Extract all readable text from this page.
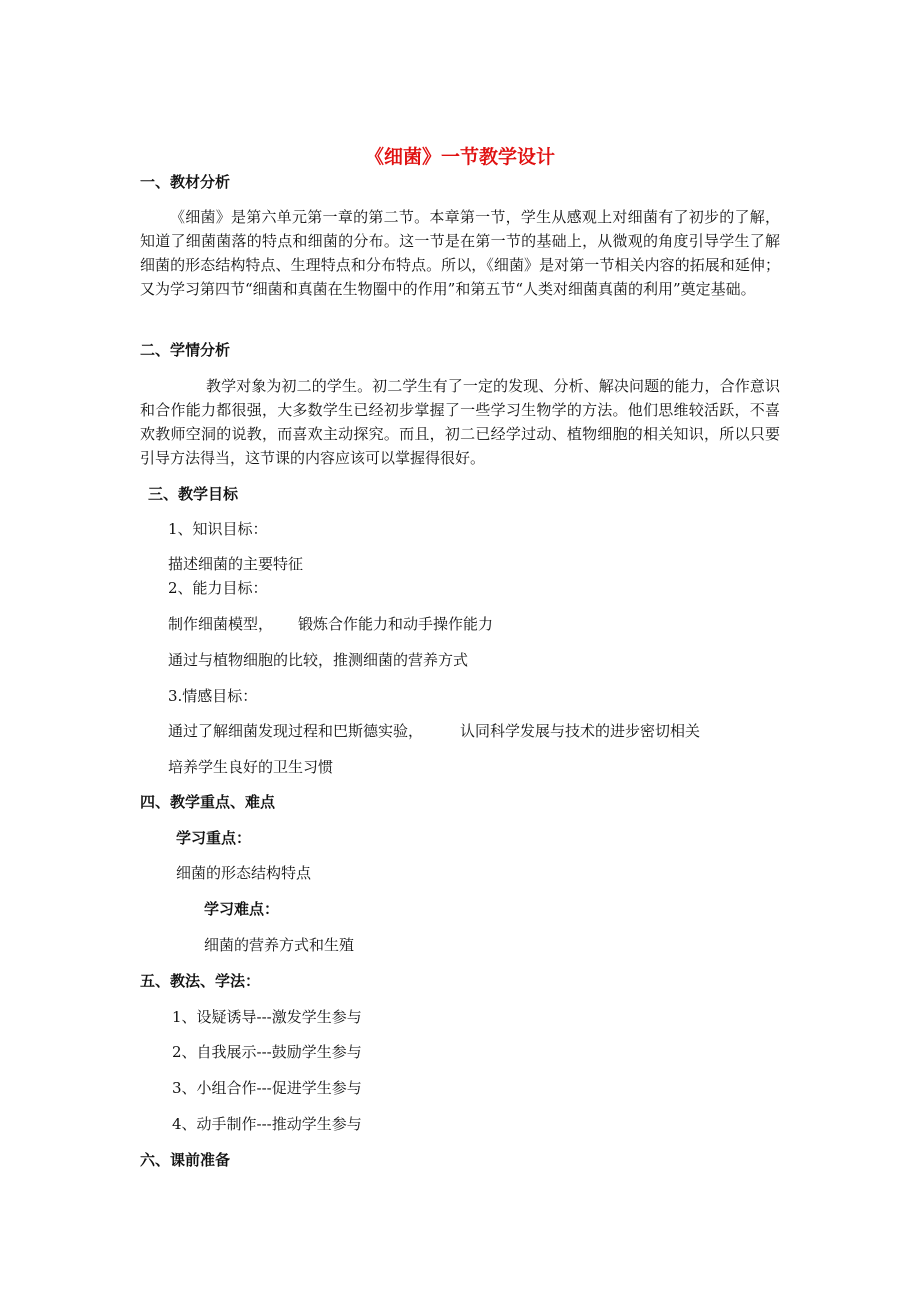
《细菌》一节教学设计
一、教材分析
《细菌》是第六单元第一章的第二节。本章第一节，学生从感观上对细菌有了初步的了解，知道了细菌菌落的特点和细菌的分布。这一节是在第一节的基础上，从微观的角度引导学生了解细菌的形态结构特点、生理特点和分布特点。所以，《细菌》是对第一节相关内容的拓展和延伸；又为学习第四节“细菌和真菌在生物圈中的作用”和第五节“人类对细菌真菌的利用”奠定基础。
二、学情分析
教学对象为初二的学生。初二学生有了一定的发现、分析、解决问题的能力，合作意识和合作能力都很强，大多数学生已经初步掌握了一些学习生物学的方法。他们思维较活跃，不喜欢教师空洞的说教，而喜欢主动探究。而且，初二已经学过动、植物细胞的相关知识，所以只要引导方法得当，这节课的内容应该可以掌握得很好。
三、教学目标
1、知识目标：
描述细菌的主要特征
2、能力目标：
制作细菌模型， 锻炼合作能力和动手操作能力
通过与植物细胞的比较，推测细菌的营养方式
3.情感目标：
通过了解细菌发现过程和巴斯德实验， 认同科学发展与技术的进步密切相关
培养学生良好的卫生习惯
四、教学重点、难点
学习重点：
细菌的形态结构特点
学习难点：
细菌的营养方式和生殖
五、教法、学法：
1、设疑诱导---激发学生参与
2、自我展示---鼓励学生参与
3、小组合作---促进学生参与
4、动手制作---推动学生参与
六、课前准备
